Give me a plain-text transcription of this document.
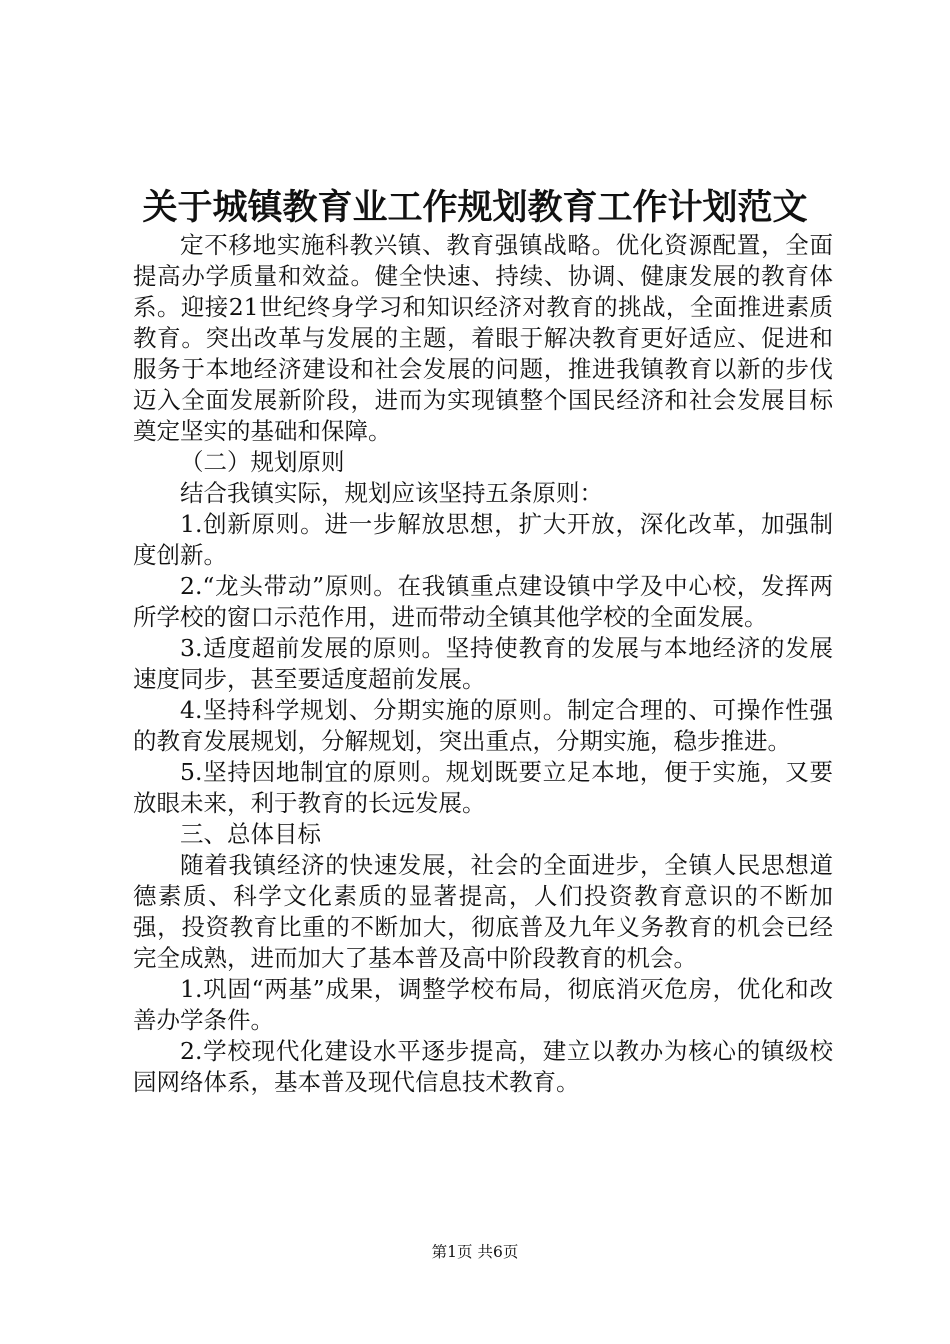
关于城镇教育业工作规划教育工作计划范文

定不移地实施科教兴镇、教育强镇战略。优化资源配置，全面提高办学质量和效益。健全快速、持续、协调、健康发展的教育体系。迎接21世纪终身学习和知识经济对教育的挑战，全面推进素质教育。突出改革与发展的主题，着眼于解决教育更好适应、促进和服务于本地经济建设和社会发展的问题，推进我镇教育以新的步伐迈入全面发展新阶段，进而为实现镇整个国民经济和社会发展目标奠定坚实的基础和保障。

（二）规划原则

结合我镇实际，规划应该坚持五条原则：

1.创新原则。进一步解放思想，扩大开放，深化改革，加强制度创新。

2.“龙头带动”原则。在我镇重点建设镇中学及中心校，发挥两所学校的窗口示范作用，进而带动全镇其他学校的全面发展。

3.适度超前发展的原则。坚持使教育的发展与本地经济的发展速度同步，甚至要适度超前发展。

4.坚持科学规划、分期实施的原则。制定合理的、可操作性强的教育发展规划，分解规划，突出重点，分期实施，稳步推进。

5.坚持因地制宜的原则。规划既要立足本地，便于实施，又要放眼未来，利于教育的长远发展。

三、总体目标

随着我镇经济的快速发展，社会的全面进步，全镇人民思想道德素质、科学文化素质的显著提高，人们投资教育意识的不断加强，投资教育比重的不断加大，彻底普及九年义务教育的机会已经完全成熟，进而加大了基本普及高中阶段教育的机会。

1.巩固“两基”成果，调整学校布局，彻底消灭危房，优化和改善办学条件。

2.学校现代化建设水平逐步提高，建立以教办为核心的镇级校园网络体系，基本普及现代信息技术教育。

第1页 共6页
